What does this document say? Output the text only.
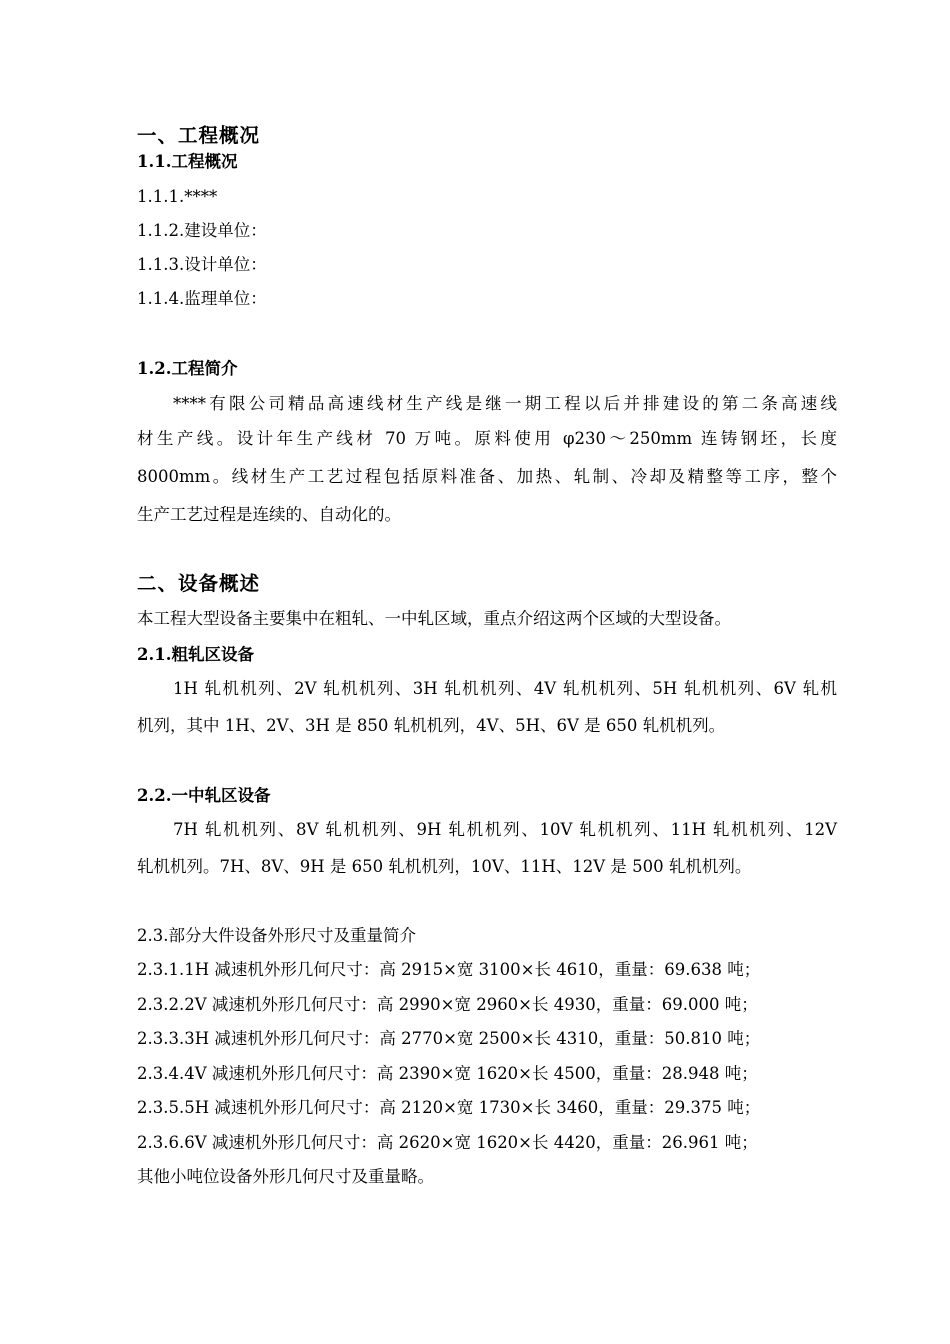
一、工程概况
1.1.工程概况
1.1.1.****
1.1.2.建设单位：
1.1.3.设计单位：
1.1.4.监理单位：
1.2.工程简介
****有限公司精品高速线材生产线是继一期工程以后并排建设的第二条高速线
材生产线。设计年生产线材 70 万吨。原料使用 φ230～250mm 连铸钢坯，长度
8000mm。线材生产工艺过程包括原料准备、加热、轧制、冷却及精整等工序，整个
生产工艺过程是连续的、自动化的。
二、设备概述
本工程大型设备主要集中在粗轧、一中轧区域，重点介绍这两个区域的大型设备。
2.1.粗轧区设备
1H 轧机机列、2V 轧机机列、3H 轧机机列、4V 轧机机列、5H 轧机机列、6V 轧机
机列，其中 1H、2V、3H 是 850 轧机机列，4V、5H、6V 是 650 轧机机列。
2.2.一中轧区设备
7H 轧机机列、8V 轧机机列、9H 轧机机列、10V 轧机机列、11H 轧机机列、12V
轧机机列。7H、8V、9H 是 650 轧机机列，10V、11H、12V 是 500 轧机机列。
2.3.部分大件设备外形尺寸及重量简介
2.3.1.1H 减速机外形几何尺寸：高 2915×宽 3100×长 4610，重量：69.638 吨；
2.3.2.2V 减速机外形几何尺寸：高 2990×宽 2960×长 4930，重量：69.000 吨；
2.3.3.3H 减速机外形几何尺寸：高 2770×宽 2500×长 4310，重量：50.810 吨；
2.3.4.4V 减速机外形几何尺寸：高 2390×宽 1620×长 4500，重量：28.948 吨；
2.3.5.5H 减速机外形几何尺寸：高 2120×宽 1730×长 3460，重量：29.375 吨；
2.3.6.6V 减速机外形几何尺寸：高 2620×宽 1620×长 4420，重量：26.961 吨；
其他小吨位设备外形几何尺寸及重量略。
